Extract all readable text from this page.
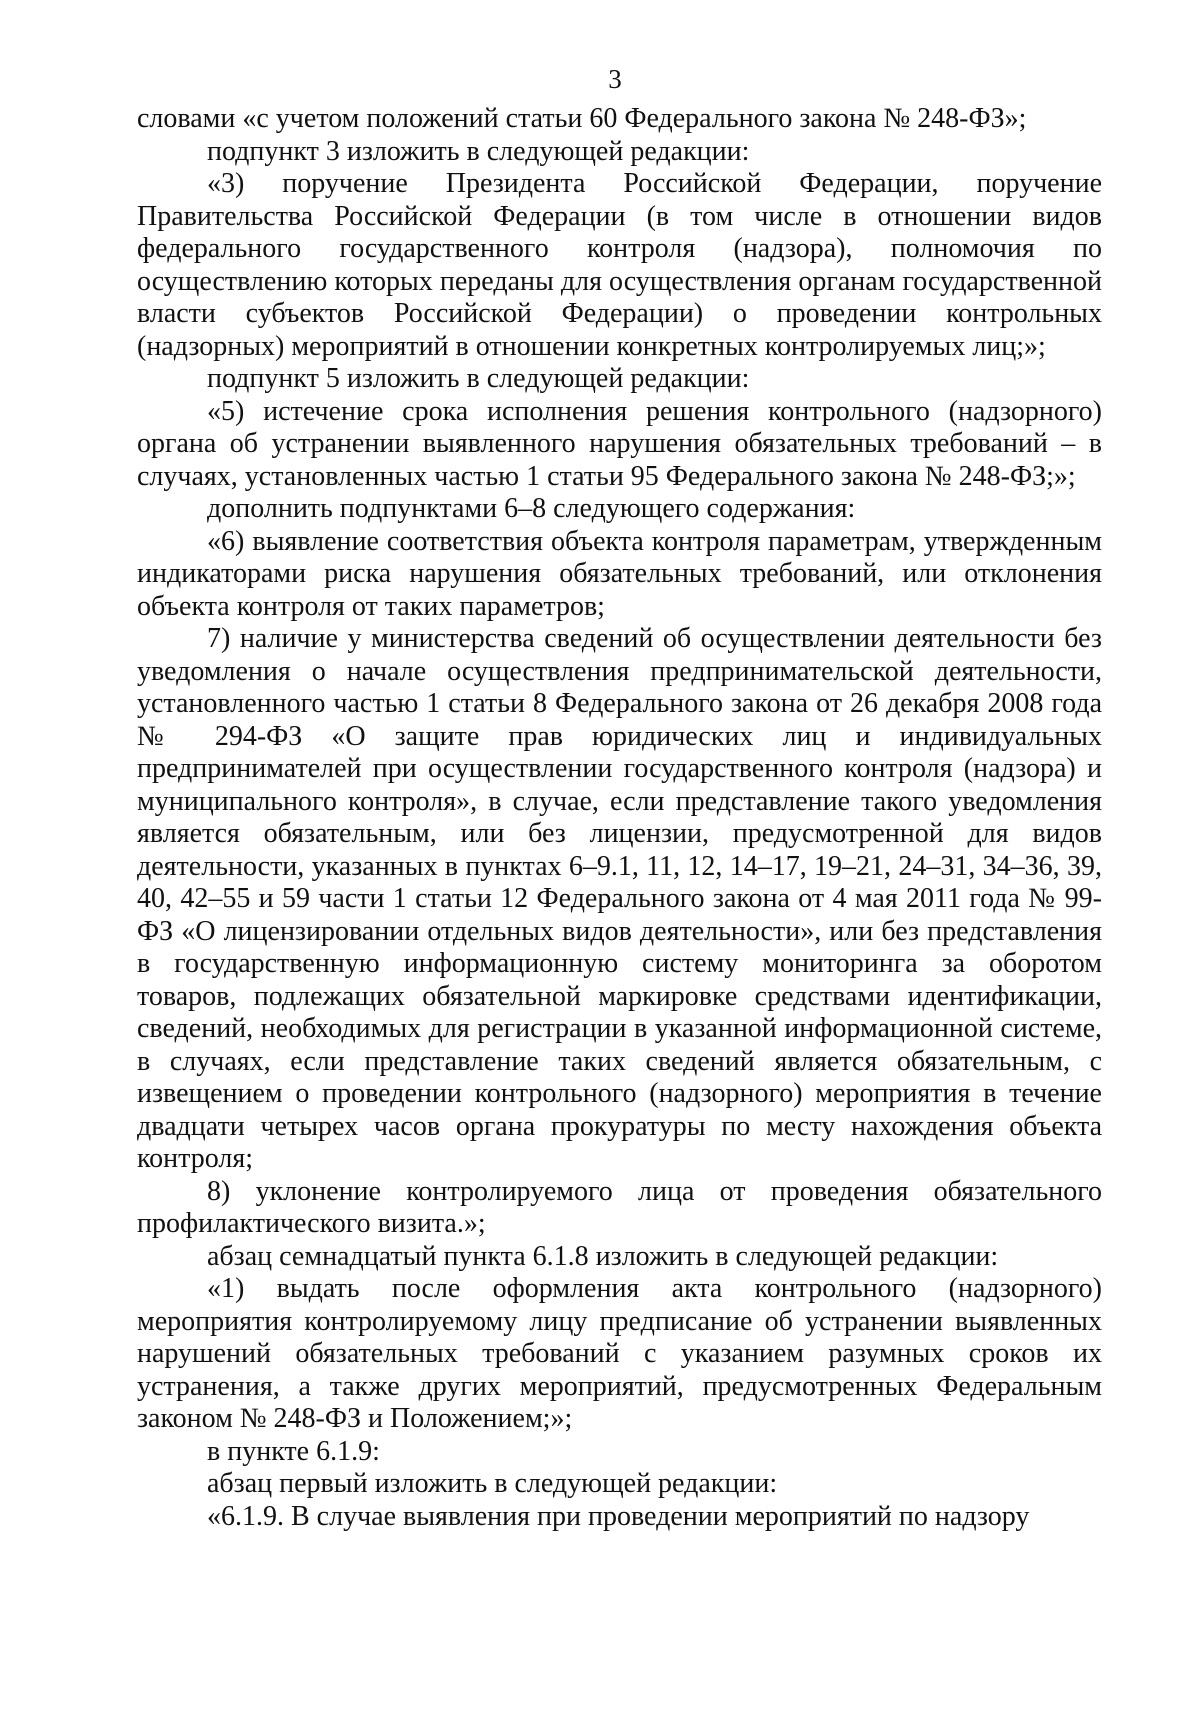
3

словами «с учетом положений статьи 60 Федерального закона № 248-ФЗ»;

подпункт 3 изложить в следующей редакции:

«3) поручение Президента Российской Федерации, поручение Правительства Российской Федерации (в том числе в отношении видов федерального государственного контроля (надзора), полномочия по осуществлению которых переданы для осуществления органам государственной власти субъектов Российской Федерации) о проведении контрольных (надзорных) мероприятий в отношении конкретных контролируемых лиц;»;

подпункт 5 изложить в следующей редакции:

«5) истечение срока исполнения решения контрольного (надзорного) органа об устранении выявленного нарушения обязательных требований – в случаях, установленных частью 1 статьи 95 Федерального закона № 248-ФЗ;»;

дополнить подпунктами 6–8 следующего содержания:

«6) выявление соответствия объекта контроля параметрам, утвержденным индикаторами риска нарушения обязательных требований, или отклонения объекта контроля от таких параметров;

7) наличие у министерства сведений об осуществлении деятельности без уведомления о начале осуществления предпринимательской деятельности, установленного частью 1 статьи 8 Федерального закона от 26 декабря 2008 года № 294-ФЗ «О защите прав юридических лиц и индивидуальных предпринимателей при осуществлении государственного контроля (надзора) и муниципального контроля», в случае, если представление такого уведомления является обязательным, или без лицензии, предусмотренной для видов деятельности, указанных в пунктах 6–9.1, 11, 12, 14–17, 19–21, 24–31, 34–36, 39, 40, 42–55 и 59 части 1 статьи 12 Федерального закона от 4 мая 2011 года № 99-ФЗ «О лицензировании отдельных видов деятельности», или без представления в государственную информационную систему мониторинга за оборотом товаров, подлежащих обязательной маркировке средствами идентификации, сведений, необходимых для регистрации в указанной информационной системе, в случаях, если представление таких сведений является обязательным, с извещением о проведении контрольного (надзорного) мероприятия в течение двадцати четырех часов органа прокуратуры по месту нахождения объекта контроля;

8) уклонение контролируемого лица от проведения обязательного профилактического визита.»;

абзац семнадцатый пункта 6.1.8 изложить в следующей редакции:

«1) выдать после оформления акта контрольного (надзорного) мероприятия контролируемому лицу предписание об устранении выявленных нарушений обязательных требований с указанием разумных сроков их устранения, а также других мероприятий, предусмотренных Федеральным законом № 248-ФЗ и Положением;»;

в пункте 6.1.9:

абзац первый изложить в следующей редакции:

«6.1.9. В случае выявления при проведении мероприятий по надзору
